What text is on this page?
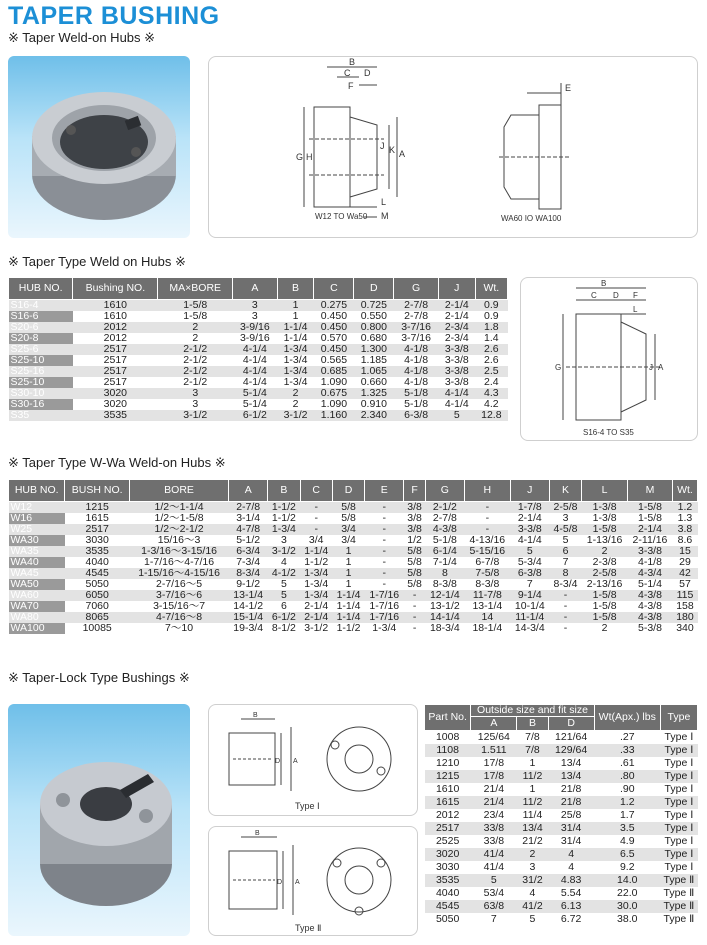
TAPER BUSHING
※ Taper Weld-on Hubs ※
B
C D
F
G H
J K A
L
M
E
W12 TO Wa50	WA60 IO WA100
※ Taper Type Weld on Hubs ※
HUB NO.	Bushing NO.	MA×BORE	A	B	C	D	G	J	Wt.
S16-4	1610	1-5/8	3	1	0.275	0.725	2-7/8	2-1/4	0.9
S16-6	1610	1-5/8	3	1	0.450	0.550	2-7/8	2-1/4	0.9
S20-6	2012	2	3-9/16	1-1/4	0.450	0.800	3-7/16	2-3/4	1.8
S20-8	2012	2	3-9/16	1-1/4	0.570	0.680	3-7/16	2-3/4	1.4
S25-6	2517	2-1/2	4-1/4	1-3/4	0.450	1.300	4-1/8	3-3/8	2.6
S25-10	2517	2-1/2	4-1/4	1-3/4	0.565	1.185	4-1/8	3-3/8	2.6
S25-16	2517	2-1/2	4-1/4	1-3/4	0.685	1.065	4-1/8	3-3/8	2.5
S25-10	2517	2-1/2	4-1/4	1-3/4	1.090	0.660	4-1/8	3-3/8	2.4
S30-10	3020	3	5-1/4	2	0.675	1.325	5-1/8	4-1/4	4.3
S30-16	3020	3	5-1/4	2	1.090	0.910	5-1/8	4-1/4	4.2
S35	3535	3-1/2	6-1/2	3-1/2	1.160	2.340	6-3/8	5	12.8
B
C D F
L
G	J A
S16-4 TO S35
※ Taper Type W-Wa Weld-on Hubs ※
HUB NO.	BUSH NO.	BORE	A	B	C	D	E	F	G	H	J	K	L	M	Wt.
W12	1215	1/2～1-1/4	2-7/8	1-1/2	-	5/8	-	3/8	2-1/2	-	1-7/8	2-5/8	1-3/8	1-5/8	1.2
W16	1615	1/2～1-5/8	3-1/4	1-1/2	-	5/8	-	3/8	2-7/8	-	2-1/4	3	1-3/8	1-5/8	1.3
W25	2517	1/2～2-1/2	4-7/8	1-3/4	-	3/4	-	3/8	4-3/8	-	3-3/8	4-5/8	1-5/8	2-1/4	3.8
WA30	3030	15/16～3	5-1/2	3	3/4	3/4	-	1/2	5-1/8	4-13/16	4-1/4	5	1-13/16	2-11/16	8.6
WA35	3535	1-3/16～3-15/16	6-3/4	3-1/2	1-1/4	1	-	5/8	6-1/4	5-15/16	5	6	2	3-3/8	15
WA40	4040	1-7/16～4-7/16	7-3/4	4	1-1/2	1	-	5/8	7-1/4	6-7/8	5-3/4	7	2-3/8	4-1/8	29
WA45	4545	1-15/16～4-15/16	8-3/4	4-1/2	1-3/4	1	-	5/8	8	7-5/8	6-3/8	8	2-5/8	4-3/4	42
WA50	5050	2-7/16～5	9-1/2	5	1-3/4	1	-	5/8	8-3/8	8-3/8	7	8-3/4	2-13/16	5-1/4	57
WA60	6050	3-7/16～6	13-1/4	5	1-3/4	1-1/4	1-7/16	-	12-1/4	11-7/8	9-1/4	-	1-5/8	4-3/8	115
WA70	7060	3-15/16～7	14-1/2	6	2-1/4	1-1/4	1-7/16	-	13-1/2	13-1/4	10-1/4	-	1-5/8	4-3/8	158
WA80	8065	4-7/16～8	15-1/4	6-1/2	2-1/4	1-1/4	1-7/16	-	14-1/4	14	11-1/4	-	1-5/8	4-3/8	180
WA100	10085	7～10	19-3/4	8-1/2	3-1/2	1-1/2	1-3/4	-	18-3/4	18-1/4	14-3/4	-	2	5-3/8	340
※ Taper-Lock Type Bushings ※
B
D A
Type Ⅰ
B
D A
Type Ⅱ
Part No.	Outside size and fit size			Wt(Apx.) lbs	Type
	A	B	D		
1008	125/64	7/8	121/64	.27	Type Ⅰ
1108	1.511	7/8	129/64	.33	Type Ⅰ
1210	17/8	1	13/4	.61	Type Ⅰ
1215	17/8	11/2	13/4	.80	Type Ⅰ
1610	21/4	1	21/8	.90	Type Ⅰ
1615	21/4	11/2	21/8	1.2	Type Ⅰ
2012	23/4	11/4	25/8	1.7	Type Ⅰ
2517	33/8	13/4	31/4	3.5	Type Ⅰ
2525	33/8	21/2	31/4	4.9	Type Ⅰ
3020	41/4	2	4	6.5	Type Ⅰ
3030	41/4	3	4	9.2	Type Ⅰ
3535	5	31/2	4.83	14.0	Type Ⅱ
4040	53/4	4	5.54	22.0	Type Ⅱ
4545	63/8	41/2	6.13	30.0	Type Ⅱ
5050	7	5	6.72	38.0	Type Ⅱ
